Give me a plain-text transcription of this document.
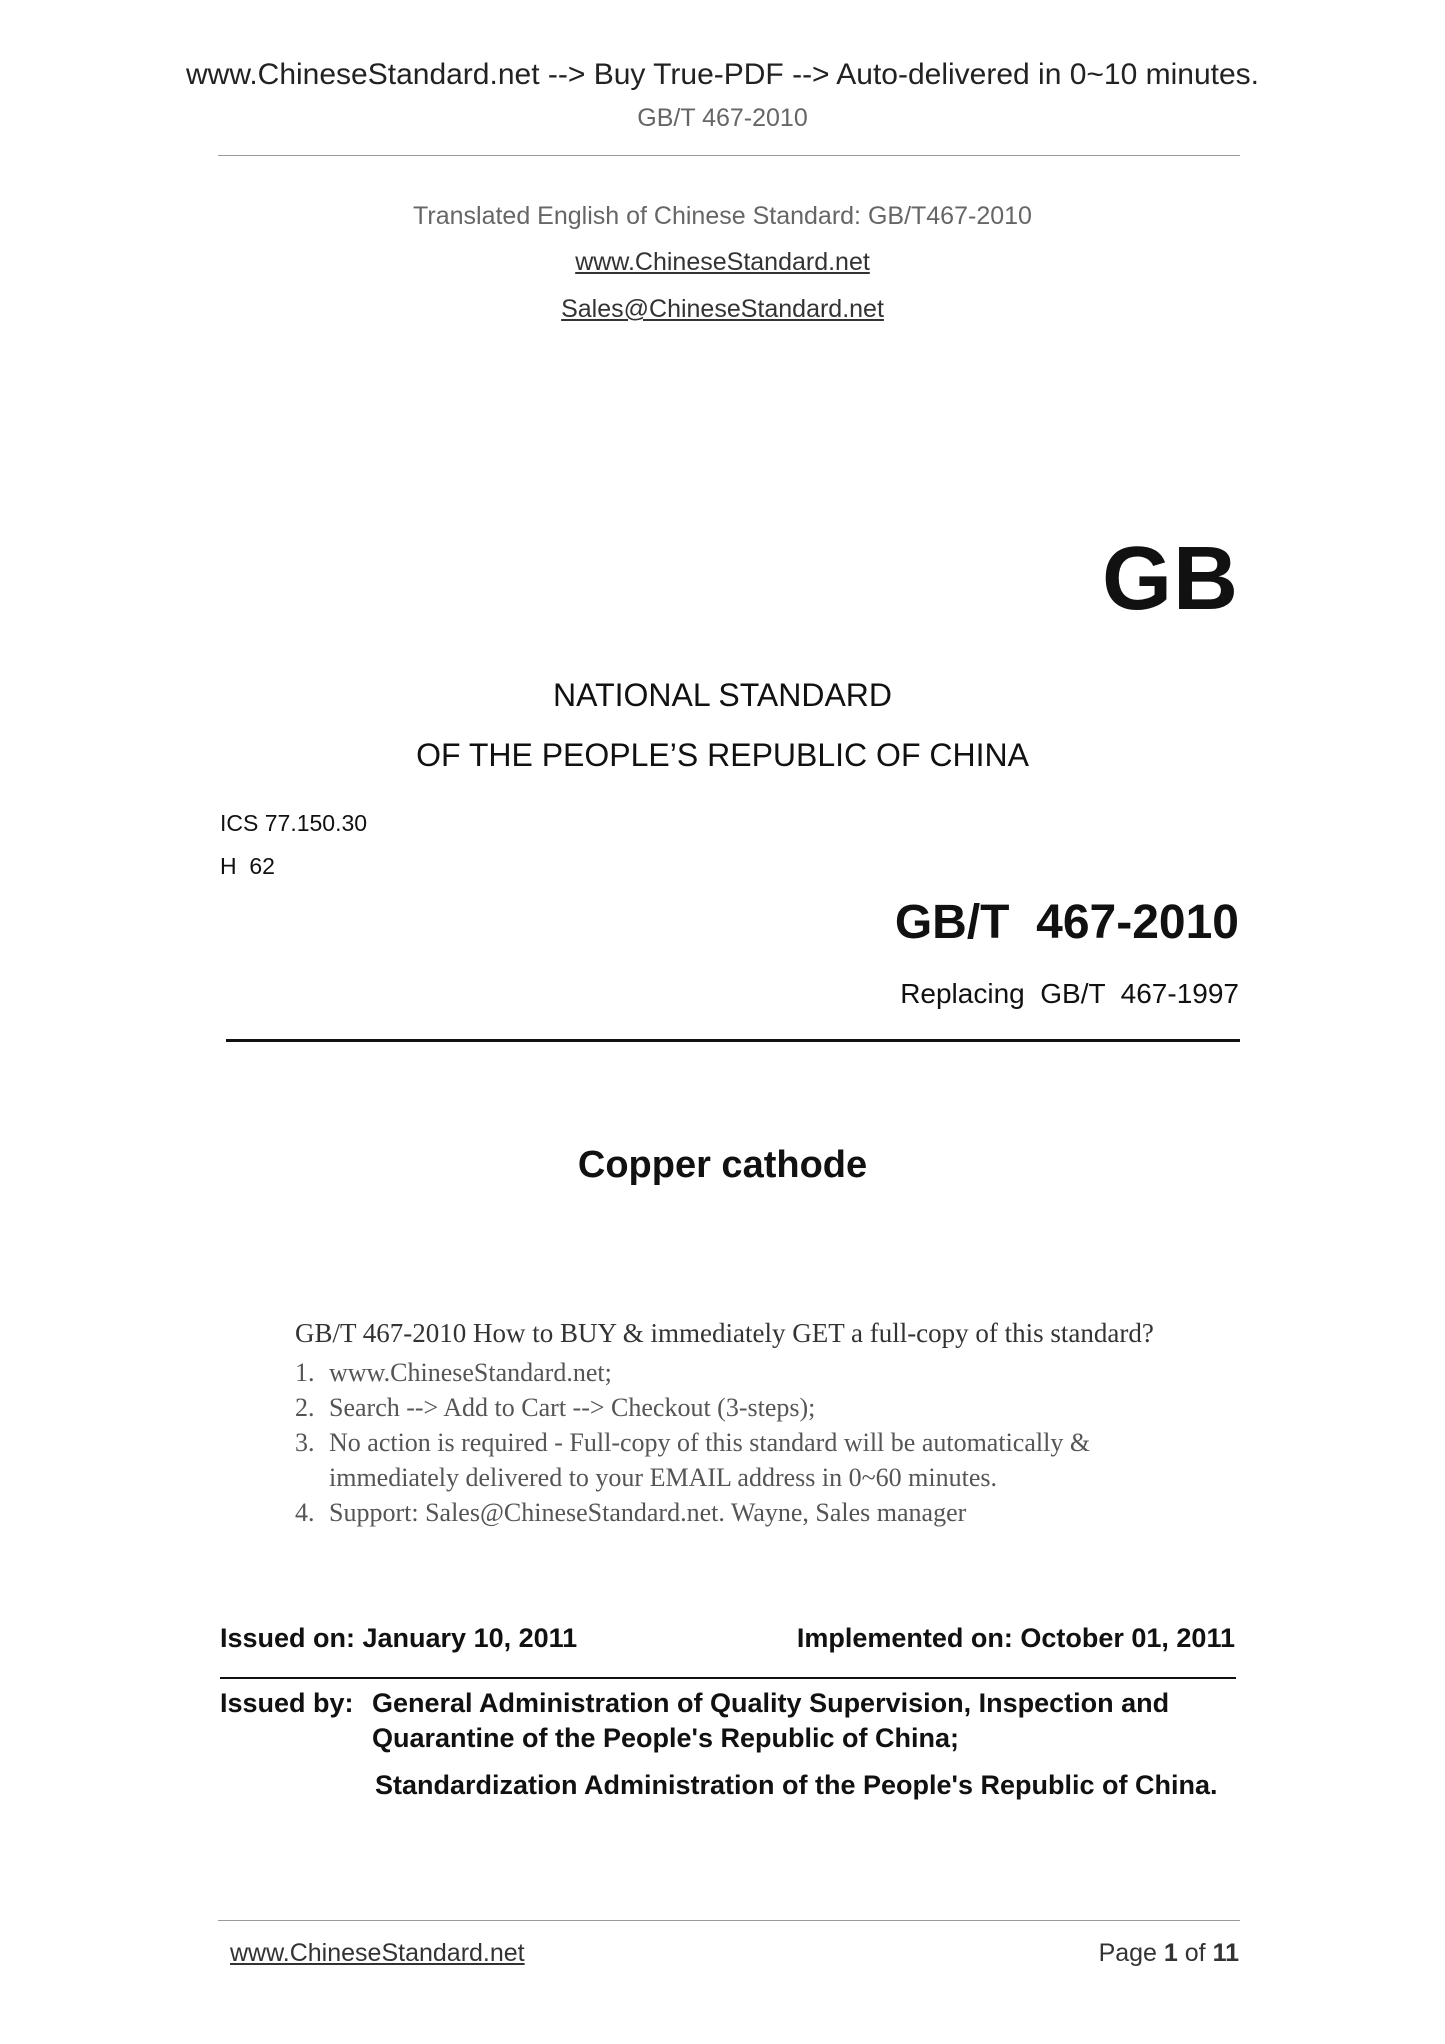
www.ChineseStandard.net --> Buy True-PDF --> Auto-delivered in 0~10 minutes.
GB/T 467-2010
Translated English of Chinese Standard: GB/T467-2010
www.ChineseStandard.net
Sales@ChineseStandard.net
GB
NATIONAL STANDARD
OF THE PEOPLE’S REPUBLIC OF CHINA
ICS 77.150.30
H  62
GB/T  467-2010
Replacing  GB/T  467-1997
Copper cathode
GB/T 467-2010 How to BUY & immediately GET a full-copy of this standard?
1. www.ChineseStandard.net;
2. Search --> Add to Cart --> Checkout (3-steps);
3. No action is required - Full-copy of this standard will be automatically & immediately delivered to your EMAIL address in 0~60 minutes.
4. Support: Sales@ChineseStandard.net. Wayne, Sales manager
Issued on: January 10, 2011	Implemented on: October 01, 2011
Issued by: General Administration of Quality Supervision, Inspection and Quarantine of the People's Republic of China;
Standardization Administration of the People's Republic of China.
www.ChineseStandard.net	Page 1 of 11
